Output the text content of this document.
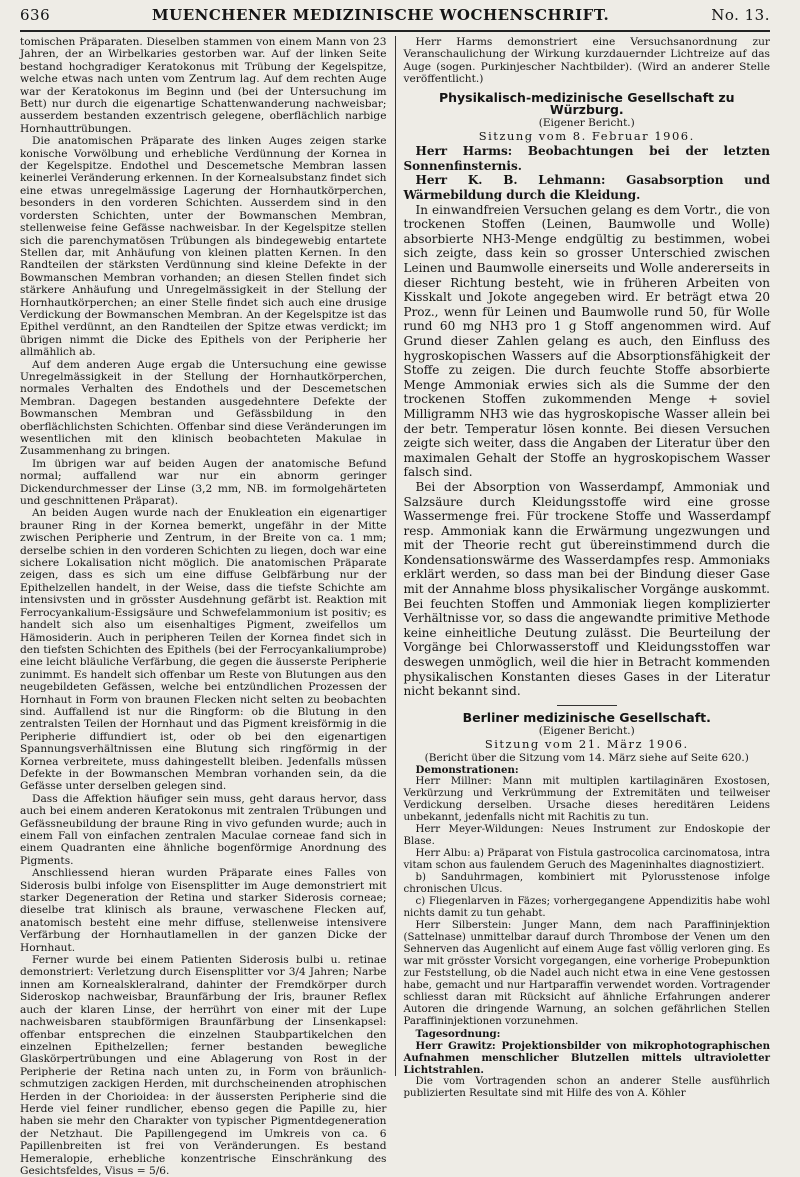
636	MUENCHENER MEDIZINISCHE WOCHENSCHRIFT.	No. 13.

tomischen Präparaten. Dieselben stammen von einem Mann von 23 Jahren, der an Wirbelkaries gestorben war. Auf der linken Seite bestand hochgradiger Keratokonus mit Trübung der Kegelspitze, welche etwas nach unten vom Zentrum lag. Auf dem rechten Auge war der Keratokonus im Beginn und (bei der Untersuchung im Bett) nur durch die eigenartige Schattenwanderung nachweisbar; ausserdem bestanden exzentrisch gelegene, oberflächlich narbige Hornhauttrübungen.

Die anatomischen Präparate des linken Auges zeigen starke konische Vorwölbung und erhebliche Verdünnung der Kornea in der Kegelspitze. Endothel und Descemetsche Membran lassen keinerlei Veränderung erkennen. In der Kornealsubstanz findet sich eine etwas unregelmässige Lagerung der Hornhautkörperchen, besonders in den vorderen Schichten. Ausserdem sind in den vordersten Schichten, unter der Bowmanschen Membran, stellenweise feine Gefässe nachweisbar. In der Kegelspitze stellen sich die parenchymatösen Trübungen als bindegewebig entartete Stellen dar, mit Anhäufung von kleinen platten Kernen. In den Randteilen der stärksten Verdünnung sind kleine Defekte in der Bowmanschen Membran vorhanden; an diesen Stellen findet sich stärkere Anhäufung und Unregelmässigkeit in der Stellung der Hornhautkörperchen; an einer Stelle findet sich auch eine drusige Verdickung der Bowmanschen Membran. An der Kegelspitze ist das Epithel verdünnt, an den Randteilen der Spitze etwas verdickt; im übrigen nimmt die Dicke des Epithels von der Peripherie her allmählich ab.

Auf dem anderen Auge ergab die Untersuchung eine gewisse Unregelmässigkeit in der Stellung der Hornhautkörperchen, normales Verhalten des Endothels und der Descemetschen Membran. Dagegen bestanden ausgedehntere Defekte der Bowmanschen Membran und Gefässbildung in den oberflächlichsten Schichten. Offenbar sind diese Veränderungen im wesentlichen mit den klinisch beobachteten Makulae in Zusammenhang zu bringen.

Im übrigen war auf beiden Augen der anatomische Befund normal; auffallend war nur ein abnorm geringer Dickendurchmesser der Linse (3,2 mm, NB. im formolgehärteten und geschnittenen Präparat).

An beiden Augen wurde nach der Enukleation ein eigenartiger brauner Ring in der Kornea bemerkt, ungefähr in der Mitte zwischen Peripherie und Zentrum, in der Breite von ca. 1 mm; derselbe schien in den vorderen Schichten zu liegen, doch war eine sichere Lokalisation nicht möglich. Die anatomischen Präparate zeigen, dass es sich um eine diffuse Gelbfärbung nur der Epithelzellen handelt, in der Weise, dass die tiefste Schichte am intensivsten und in grösster Ausdehnung gefärbt ist. Reaktion mit Ferrocyankalium-Essigsäure und Schwefelammonium ist positiv; es handelt sich also um eisenhaltiges Pigment, zweifellos um Hämosiderin. Auch in peripheren Teilen der Kornea findet sich in den tiefsten Schichten des Epithels (bei der Ferrocyankaliumprobe) eine leicht bläuliche Verfärbung, die gegen die äusserste Peripherie zunimmt. Es handelt sich offenbar um Reste von Blutungen aus den neugebildeten Gefässen, welche bei entzündlichen Prozessen der Hornhaut in Form von braunen Flecken nicht selten zu beobachten sind. Auffallend ist nur die Ringform: ob die Blutung in den zentralsten Teilen der Hornhaut und das Pigment kreisförmig in die Peripherie diffundiert ist, oder ob bei den eigenartigen Spannungsverhältnissen eine Blutung sich ringförmig in der Kornea verbreitete, muss dahingestellt bleiben. Jedenfalls müssen Defekte in der Bowmanschen Membran vorhanden sein, da die Gefässe unter derselben gelegen sind.

Dass die Affektion häufiger sein muss, geht daraus hervor, dass auch bei einem anderen Keratokonus mit zentralen Trübungen und Gefässneubildung der braune Ring in vivo gefunden wurde; auch in einem Fall von einfachen zentralen Maculae corneae fand sich in einem Quadranten eine ähnliche bogenförmige Anordnung des Pigments.

Anschliessend hieran wurden Präparate eines Falles von Siderosis bulbi infolge von Eisensplitter im Auge demonstriert mit starker Degeneration der Retina und starker Siderosis corneae; dieselbe trat klinisch als braune, verwaschene Flecken auf, anatomisch besteht eine mehr diffuse, stellenweise intensivere Verfärbung der Hornhautlamellen in der ganzen Dicke der Hornhaut.

Ferner wurde bei einem Patienten Siderosis bulbi u. retinae demonstriert: Verletzung durch Eisensplitter vor 3/4 Jahren; Narbe innen am Kornealskleralrand, dahinter der Fremdkörper durch Sideroskop nachweisbar, Braunfärbung der Iris, brauner Reflex auch der klaren Linse, der herrührt von einer mit der Lupe nachweisbaren staubförmigen Braunfärbung der Linsenkapsel: offenbar entsprechen die einzelnen Staubpartikelchen den einzelnen Epithelzellen; ferner bestanden bewegliche Glaskörpertrübungen und eine Ablagerung von Rost in der Peripherie der Retina nach unten zu, in Form von bräunlich-schmutzigen zackigen Herden, mit durchscheinenden atrophischen Herden in der Chorioidea: in der äussersten Peripherie sind die Herde viel feiner rundlicher, ebenso gegen die Papille zu, hier haben sie mehr den Charakter von typischer Pigmentdegeneration der Netzhaut. Die Papillengegend im Umkreis von ca. 6 Papillenbreiten ist frei von Veränderungen. Es bestand Hemeralopie, erhebliche konzentrische Einschränkung des Gesichtsfeldes, Visus = 5/6.

Herr Harms demonstriert eine Versuchsanordnung zur Veranschaulichung der Wirkung kurzdauernder Lichtreize auf das Auge (sogen. Purkinjescher Nachtbilder). (Wird an anderer Stelle veröffentlicht.)

Physikalisch-medizinische Gesellschaft zu Würzburg.

(Eigener Bericht.)

Sitzung vom 8. Februar 1906.

Herr Harms: Beobachtungen bei der letzten Sonnenfinsternis.

Herr K. B. Lehmann: Gasabsorption und Wärmebildung durch die Kleidung.

In einwandfreien Versuchen gelang es dem Vortr., die von trockenen Stoffen (Leinen, Baumwolle und Wolle) absorbierte NH3-Menge endgültig zu bestimmen, wobei sich zeigte, dass kein so grosser Unterschied zwischen Leinen und Baumwolle einerseits und Wolle andererseits in dieser Richtung besteht, wie in früheren Arbeiten von Kisskalt und Jokote angegeben wird. Er beträgt etwa 20 Proz., wenn für Leinen und Baumwolle rund 50, für Wolle rund 60 mg NH3 pro 1 g Stoff angenommen wird. Auf Grund dieser Zahlen gelang es auch, den Einfluss des hygroskopischen Wassers auf die Absorptionsfähigkeit der Stoffe zu zeigen. Die durch feuchte Stoffe absorbierte Menge Ammoniak erwies sich als die Summe der den trockenen Stoffen zukommenden Menge + soviel Milligramm NH3 wie das hygroskopische Wasser allein bei der betr. Temperatur lösen konnte. Bei diesen Versuchen zeigte sich weiter, dass die Angaben der Literatur über den maximalen Gehalt der Stoffe an hygroskopischem Wasser falsch sind.

Bei der Absorption von Wasserdampf, Ammoniak und Salzsäure durch Kleidungsstoffe wird eine grosse Wassermenge frei. Für trockene Stoffe und Wasserdampf resp. Ammoniak kann die Erwärmung ungezwungen und mit der Theorie recht gut übereinstimmend durch die Kondensationswärme des Wasserdampfes resp. Ammoniaks erklärt werden, so dass man bei der Bindung dieser Gase mit der Annahme bloss physikalischer Vorgänge auskommt. Bei feuchten Stoffen und Ammoniak liegen komplizierter Verhältnisse vor, so dass die angewandte primitive Methode keine einheitliche Deutung zulässt. Die Beurteilung der Vorgänge bei Chlorwasserstoff und Kleidungsstoffen war deswegen unmöglich, weil die hier in Betracht kommenden physikalischen Konstanten dieses Gases in der Literatur nicht bekannt sind.

Berliner medizinische Gesellschaft.

(Eigener Bericht.)

Sitzung vom 21. März 1906.

(Bericht über die Sitzung vom 14. März siehe auf Seite 620.)

Demonstrationen:

Herr Millner: Mann mit multiplen kartilaginären Exostosen, Verkürzung und Verkrümmung der Extremitäten und teilweiser Verdickung derselben. Ursache dieses hereditären Leidens unbekannt, jedenfalls nicht mit Rachitis zu tun.

Herr Meyer-Wildungen: Neues Instrument zur Endoskopie der Blase.

Herr Albu: a) Präparat von Fistula gastrocolica carcinomatosa, intra vitam schon aus faulendem Geruch des Mageninhaltes diagnostiziert.

b) Sanduhrmagen, kombiniert mit Pylorusstenose infolge chronischen Ulcus.

c) Fliegenlarven in Fäzes; vorhergegangene Appendizitis habe wohl nichts damit zu tun gehabt.

Herr Silberstein: Junger Mann, dem nach Paraffininjektion (Sattelnase) unmittelbar darauf durch Thrombose der Venen um den Sehnerven das Augenlicht auf einem Auge fast völlig verloren ging. Es war mit grösster Vorsicht vorgegangen, eine vorherige Probepunktion zur Feststellung, ob die Nadel auch nicht etwa in eine Vene gestossen habe, gemacht und nur Hartparaffin verwendet worden. Vortragender schliesst daran mit Rücksicht auf ähnliche Erfahrungen anderer Autoren die dringende Warnung, an solchen gefährlichen Stellen Paraffininjektionen vorzunehmen.

Tagesordnung:

Herr Grawitz: Projektionsbilder von mikrophotographischen Aufnahmen menschlicher Blutzellen mittels ultravioletter Lichtstrahlen.

Die vom Vortragenden schon an anderer Stelle ausführlich publizierten Resultate sind mit Hilfe des von A. Köhler
